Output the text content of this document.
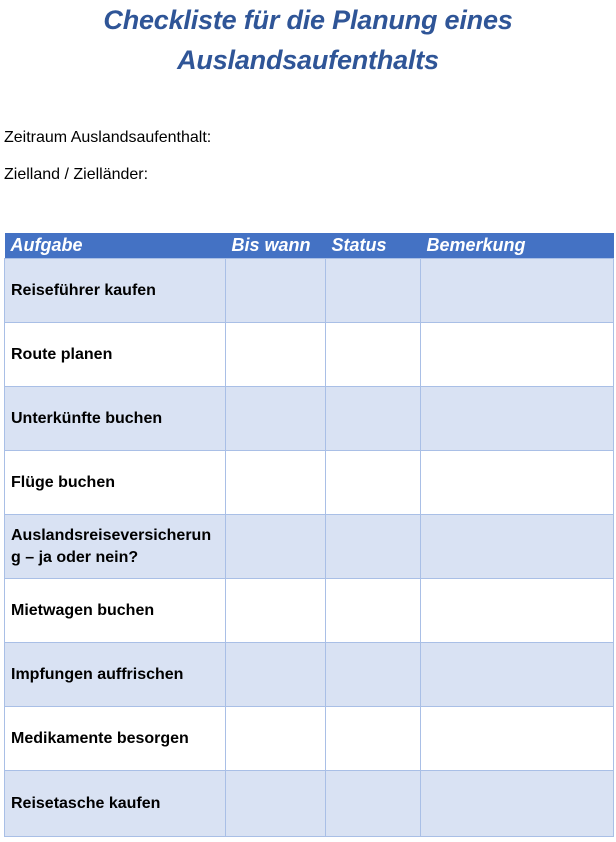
Checkliste für die Planung eines
Auslandsaufenthalts
Zeitraum Auslandsaufenthalt:
Zielland / Zielländer:
Aufgabe	Bis wann	Status	Bemerkung

Reiseführer kaufen			

Route planen			

Unterkünfte buchen			

Flüge buchen			

Auslandsreiseversicherung – ja oder nein?			

Mietwagen buchen			

Impfungen auffrischen			

Medikamente besorgen			

Reisetasche kaufen			
